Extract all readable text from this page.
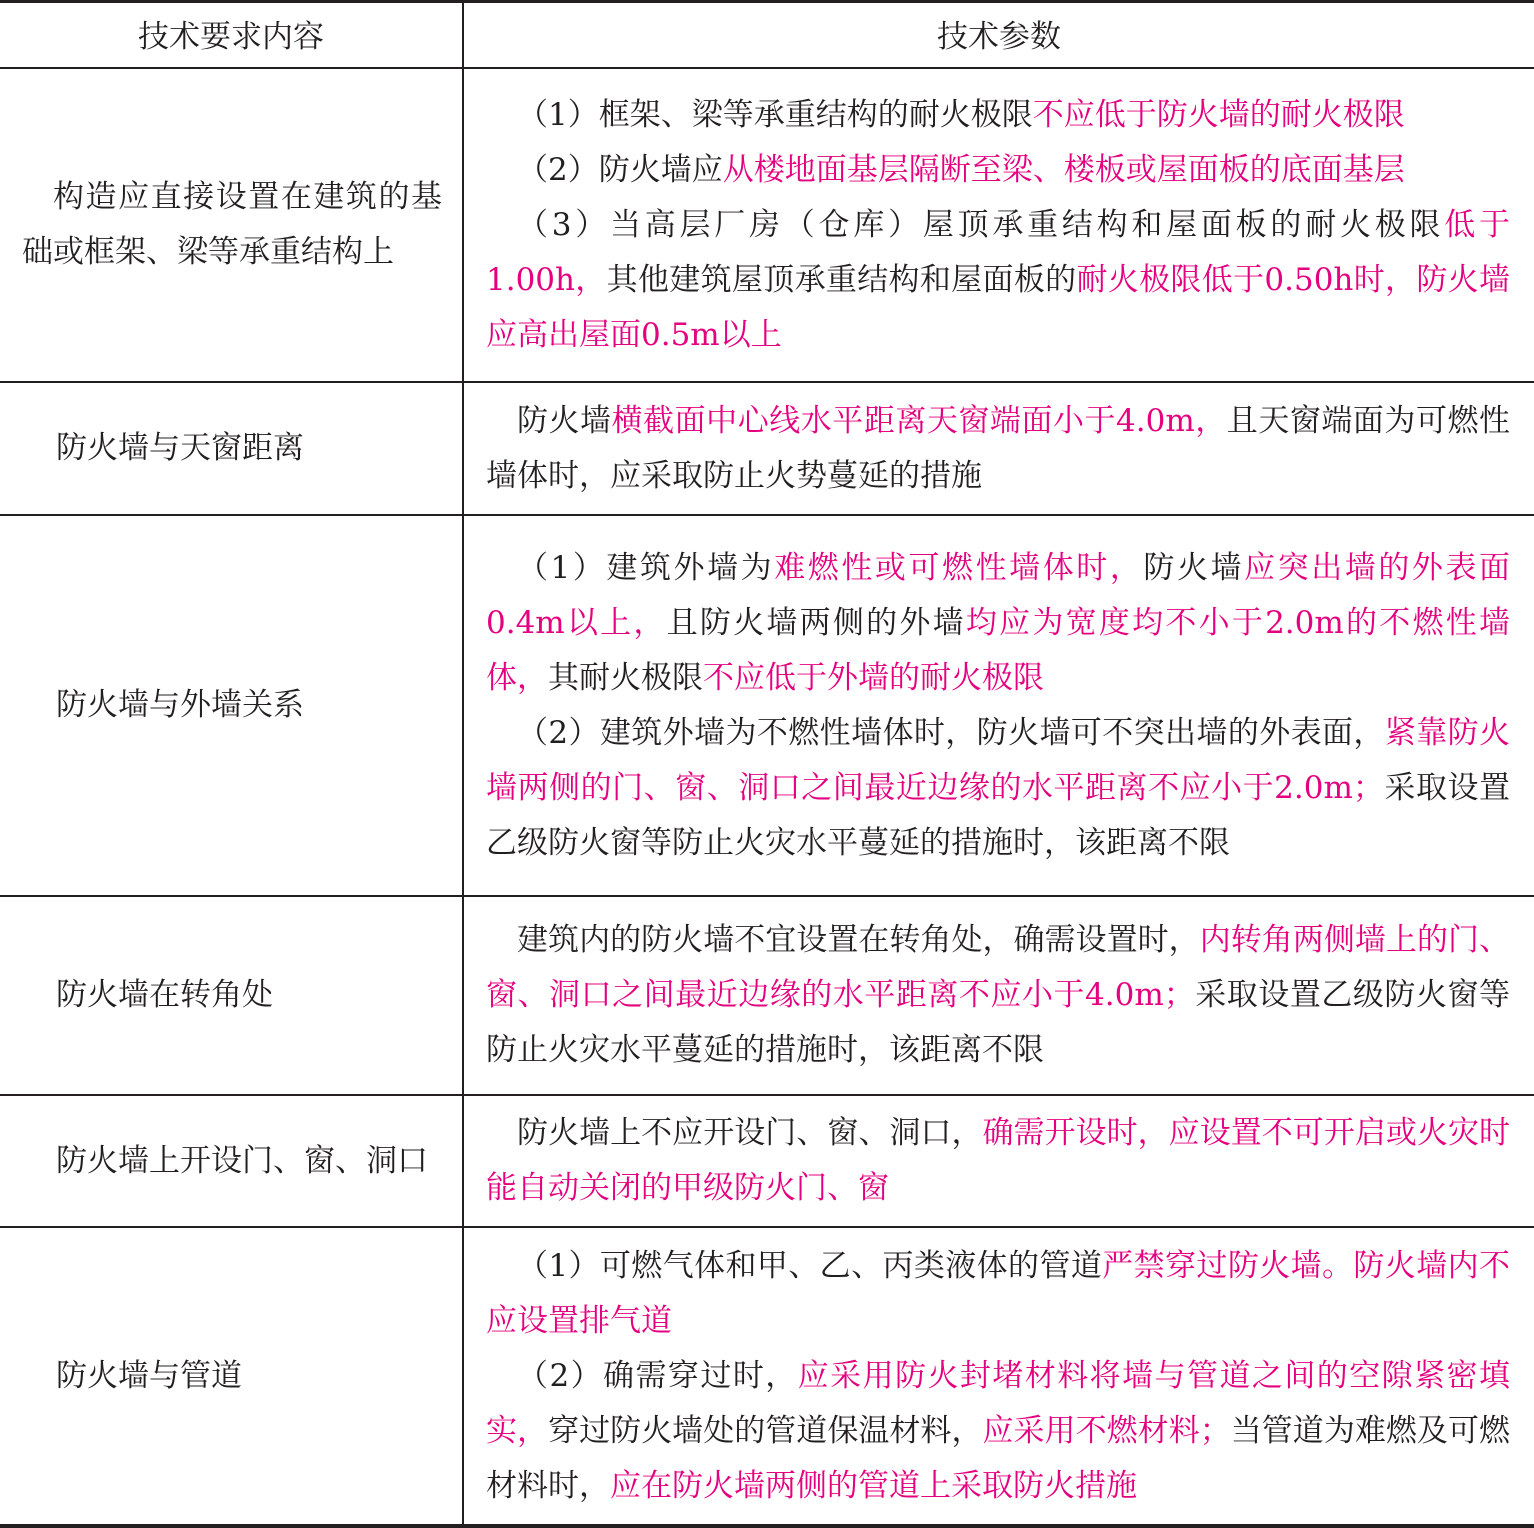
技术要求内容	技术参数
构造应直接设置在建筑的基础或框架、梁等承重结构上

（1）框架、梁等承重结构的耐火极限不应低于防火墙的耐火极限

（2）防火墙应从楼地面基层隔断至梁、楼板或屋面板的底面基层

（3）当高层厂房（仓库）屋顶承重结构和屋面板的耐火极限低于1.00h，其他建筑屋顶承重结构和屋面板的耐火极限低于0.50h时，防火墙应高出屋面0.5m以上

防火墙与天窗距离

防火墙横截面中心线水平距离天窗端面小于4.0m，且天窗端面为可燃性墙体时，应采取防止火势蔓延的措施

防火墙与外墙关系

（1）建筑外墙为难燃性或可燃性墙体时，防火墙应突出墙的外表面0.4m以上，且防火墙两侧的外墙均应为宽度均不小于2.0m的不燃性墙体，其耐火极限不应低于外墙的耐火极限

（2）建筑外墙为不燃性墙体时，防火墙可不突出墙的外表面，紧靠防火墙两侧的门、窗、洞口之间最近边缘的水平距离不应小于2.0m；采取设置乙级防火窗等防止火灾水平蔓延的措施时，该距离不限

防火墙在转角处

建筑内的防火墙不宜设置在转角处，确需设置时，内转角两侧墙上的门、窗、洞口之间最近边缘的水平距离不应小于4.0m；采取设置乙级防火窗等防止火灾水平蔓延的措施时，该距离不限

防火墙上开设门、窗、洞口

防火墙上不应开设门、窗、洞口，确需开设时，应设置不可开启或火灾时能自动关闭的甲级防火门、窗

防火墙与管道

（1）可燃气体和甲、乙、丙类液体的管道严禁穿过防火墙。防火墙内不应设置排气道

（2）确需穿过时，应采用防火封堵材料将墙与管道之间的空隙紧密填实，穿过防火墙处的管道保温材料，应采用不燃材料；当管道为难燃及可燃材料时，应在防火墙两侧的管道上采取防火措施
